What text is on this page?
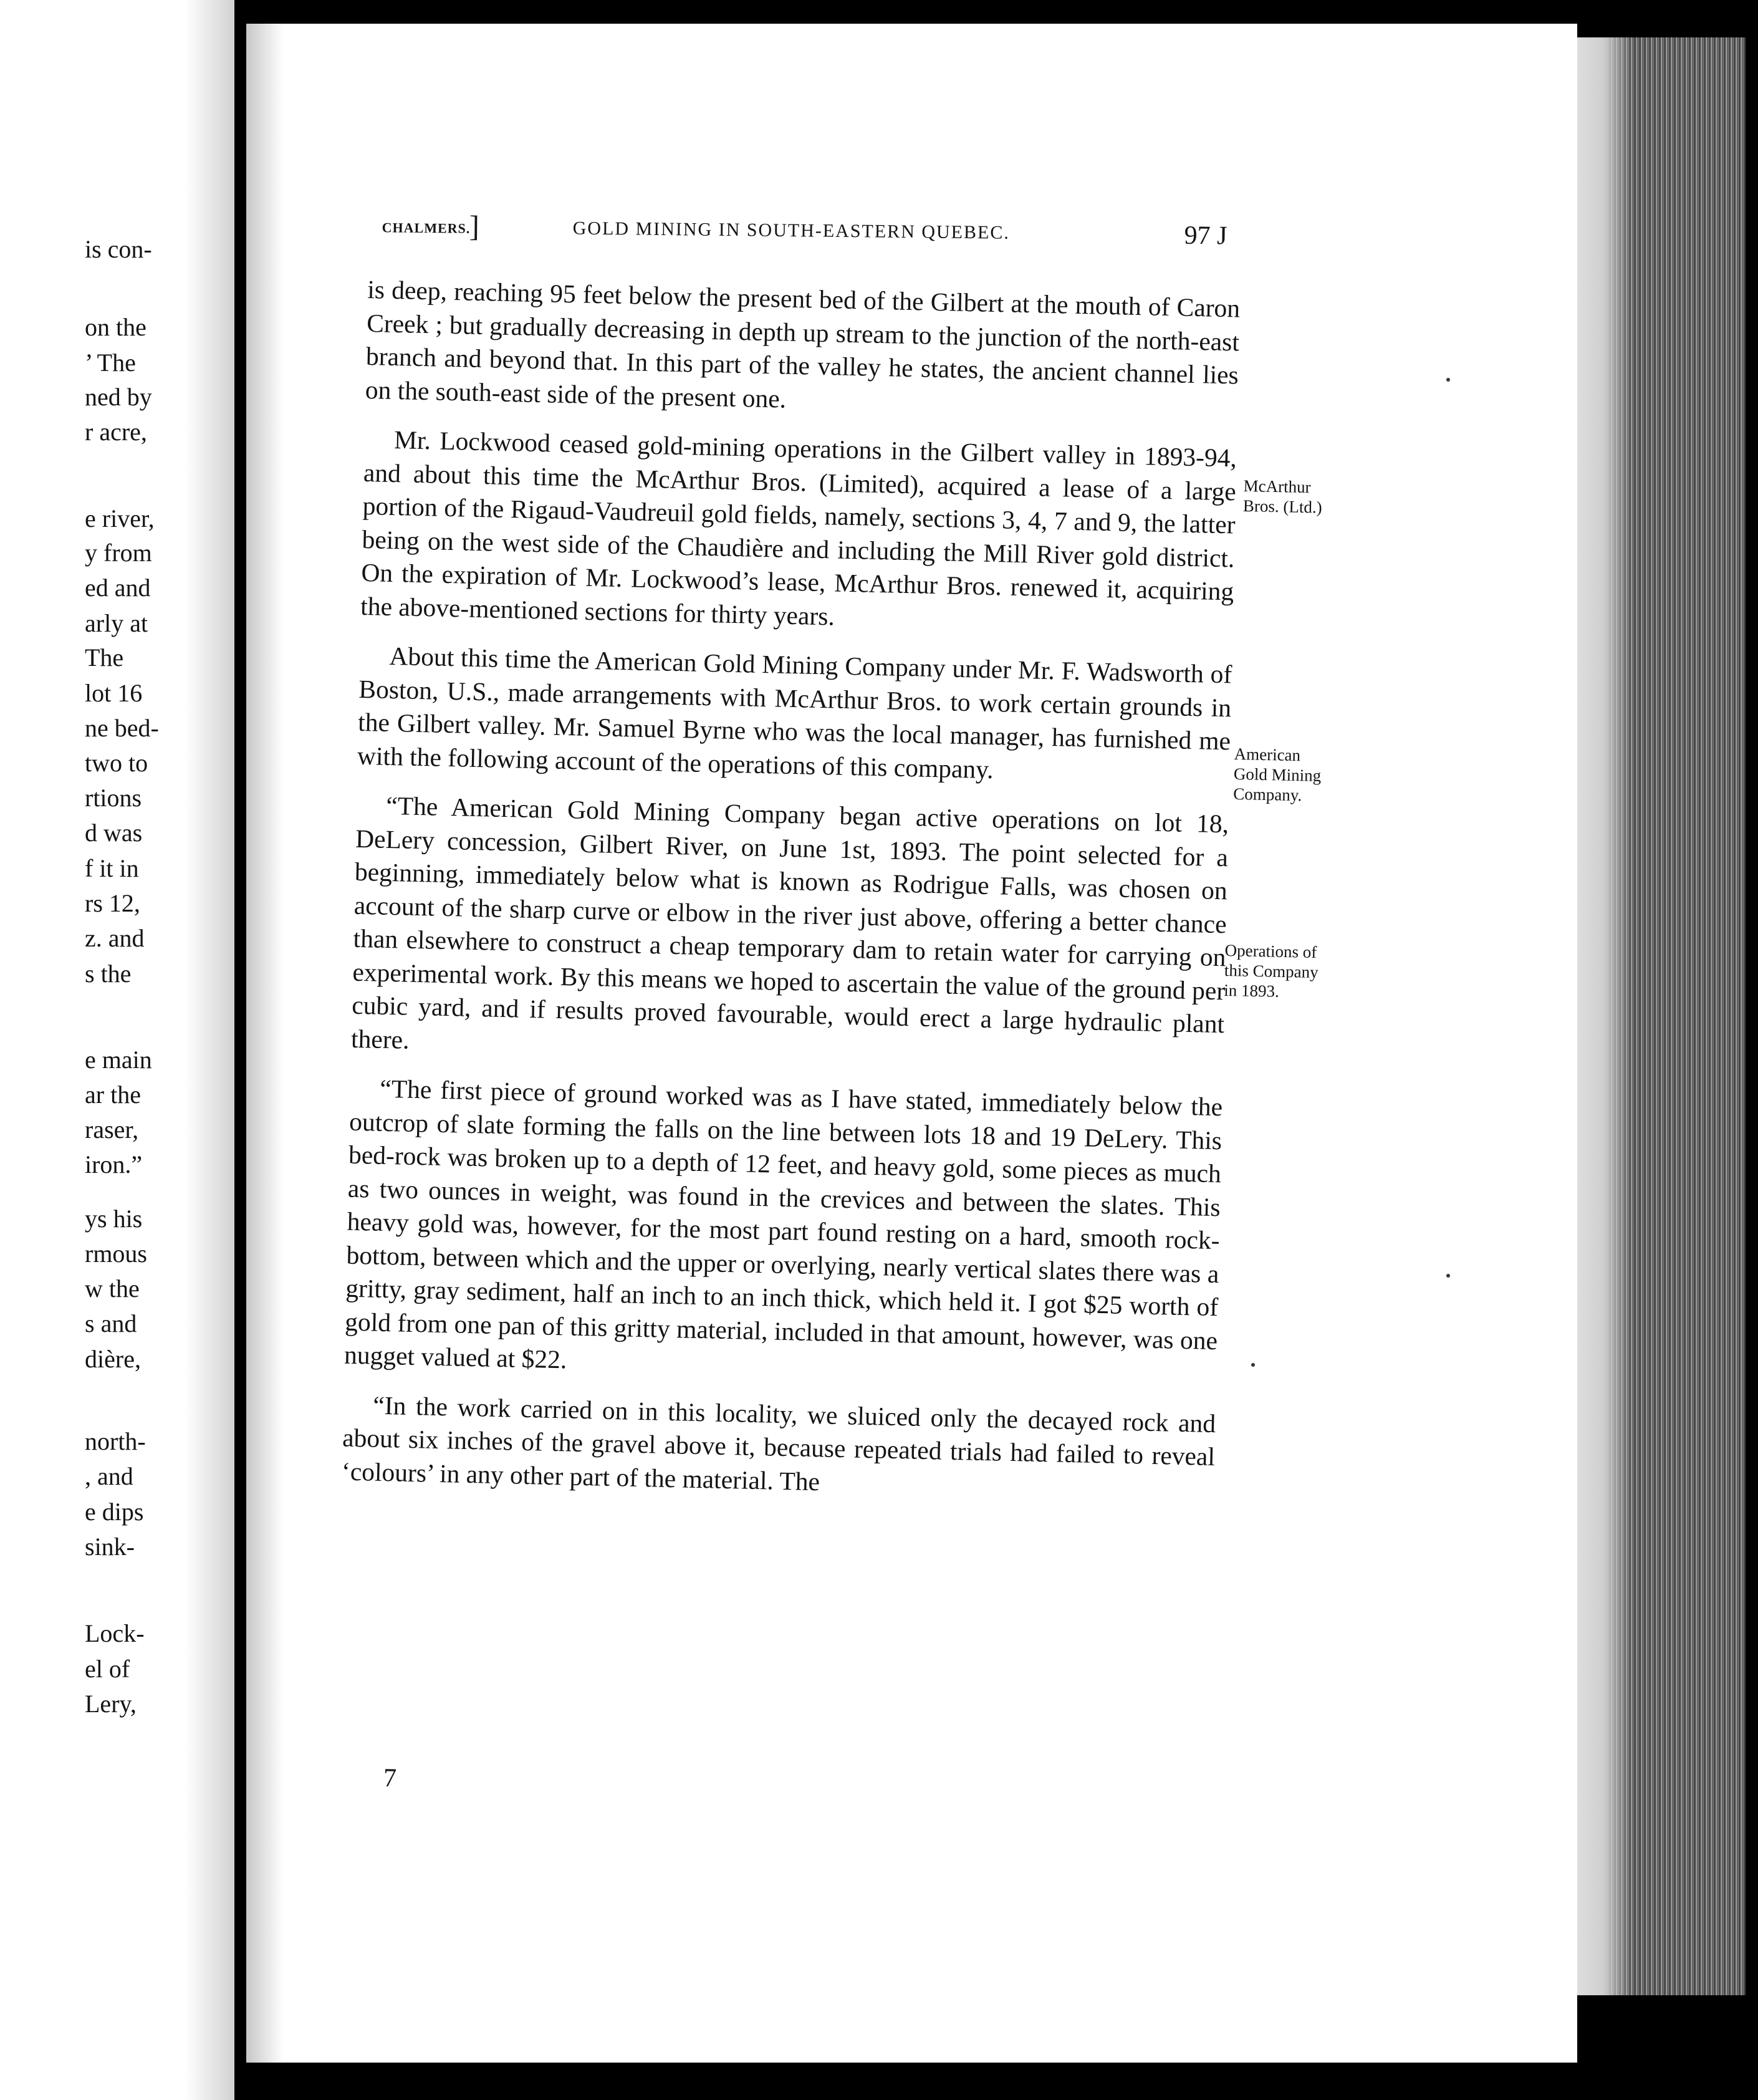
is con-
on the
’ The
ned by
r acre,
e river,
y from
ed and
arly at
The
lot 16
ne bed-
two to
rtions
d was
f it in
rs 12,
z. and
s the
e main
ar the
raser,
iron.”
ys his
rmous
w the
s and
dière,
north-
, and
e dips
sink-
Lock-
el of
Lery,
CHALMERS.
]	GOLD MINING IN SOUTH-EASTERN QUEBEC.	97 J

is deep, reaching 95 feet below the present bed of the Gilbert at the mouth of Caron Creek ; but gradually decreasing in depth up stream to the junction of the north-east branch and beyond that. In this part of the valley he states, the ancient channel lies on the south-east side of the present one.

Mr. Lockwood ceased gold-mining operations in the Gilbert valley in 1893-94, and about this time the McArthur Bros. (Limited), acquired a lease of a large portion of the Rigaud-Vaudreuil gold fields, namely, sections 3, 4, 7 and 9, the latter being on the west side of the Chaudière and including the Mill River gold district. On the expiration of Mr. Lockwood’s lease, McArthur Bros. renewed it, acquiring the above-mentioned sections for thirty years.

About this time the American Gold Mining Company under Mr. F. Wadsworth of Boston, U.S., made arrangements with McArthur Bros. to work certain grounds in the Gilbert valley. Mr. Samuel Byrne who was the local manager, has furnished me with the following account of the operations of this company.

“The American Gold Mining Company began active operations on lot 18, DeLery concession, Gilbert River, on June 1st, 1893. The point selected for a beginning, immediately below what is known as Rodrigue Falls, was chosen on account of the sharp curve or elbow in the river just above, offering a better chance than elsewhere to construct a cheap temporary dam to retain water for carrying on experimental work. By this means we hoped to ascertain the value of the ground per cubic yard, and if results proved favourable, would erect a large hydraulic plant there.

“The first piece of ground worked was as I have stated, immediately below the outcrop of slate forming the falls on the line between lots 18 and 19 DeLery. This bed-rock was broken up to a depth of 12 feet, and heavy gold, some pieces as much as two ounces in weight, was found in the crevices and between the slates. This heavy gold was, however, for the most part found resting on a hard, smooth rock-bottom, between which and the upper or overlying, nearly vertical slates there was a gritty, gray sediment, half an inch to an inch thick, which held it. I got $25 worth of gold from one pan of this gritty material, included in that amount, however, was one nugget valued at $22.

“In the work carried on in this locality, we sluiced only the decayed rock and about six inches of the gravel above it, because repeated trials had failed to reveal ‘colours’ in any other part of the material. The

7
McArthur
Bros. (Ltd.)
American
Gold Mining
Company.
Operations of
this Company
in 1893.
